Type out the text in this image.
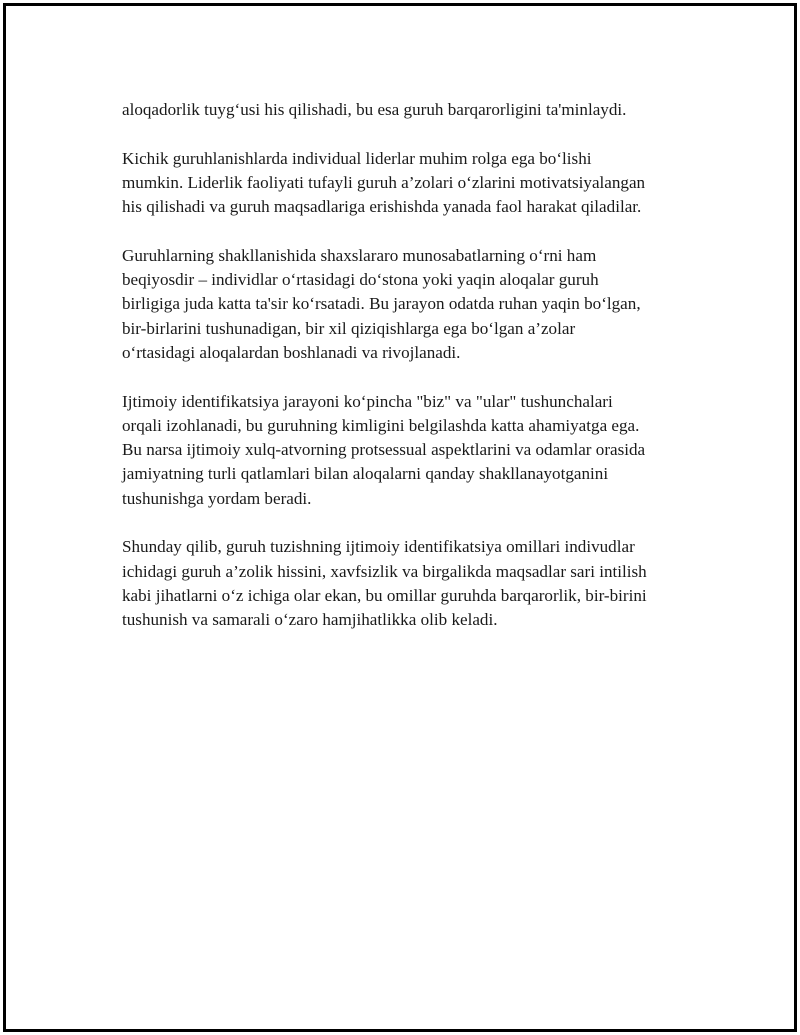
aloqadorlik tuyg‘usi his qilishadi, bu esa guruh barqarorligini ta'minlaydi.

Kichik guruhlanishlarda individual liderlar muhim rolga ega bo‘lishi
mumkin. Liderlik faoliyati tufayli guruh a’zolari o‘zlarini motivatsiyalangan
his qilishadi va guruh maqsadlariga erishishda yanada faol harakat qiladilar.

Guruhlarning shakllanishida shaxslararo munosabatlarning o‘rni ham
beqiyosdir – individlar o‘rtasidagi do‘stona yoki yaqin aloqalar guruh
birligiga juda katta ta'sir ko‘rsatadi. Bu jarayon odatda ruhan yaqin bo‘lgan,
bir-birlarini tushunadigan, bir xil qiziqishlarga ega bo‘lgan a’zolar
o‘rtasidagi aloqalardan boshlanadi va rivojlanadi.

Ijtimoiy identifikatsiya jarayoni ko‘pincha "biz" va "ular" tushunchalari
orqali izohlanadi, bu guruhning kimligini belgilashda katta ahamiyatga ega.
Bu narsa ijtimoiy xulq-atvorning protsessual aspektlarini va odamlar orasida
jamiyatning turli qatlamlari bilan aloqalarni qanday shakllanayotganini
tushunishga yordam beradi.

Shunday qilib, guruh tuzishning ijtimoiy identifikatsiya omillari indivudlar
ichidagi guruh a’zolik hissini, xavfsizlik va birgalikda maqsadlar sari intilish
kabi jihatlarni o‘z ichiga olar ekan, bu omillar guruhda barqarorlik, bir-birini
tushunish va samarali o‘zaro hamjihatlikka olib keladi.
